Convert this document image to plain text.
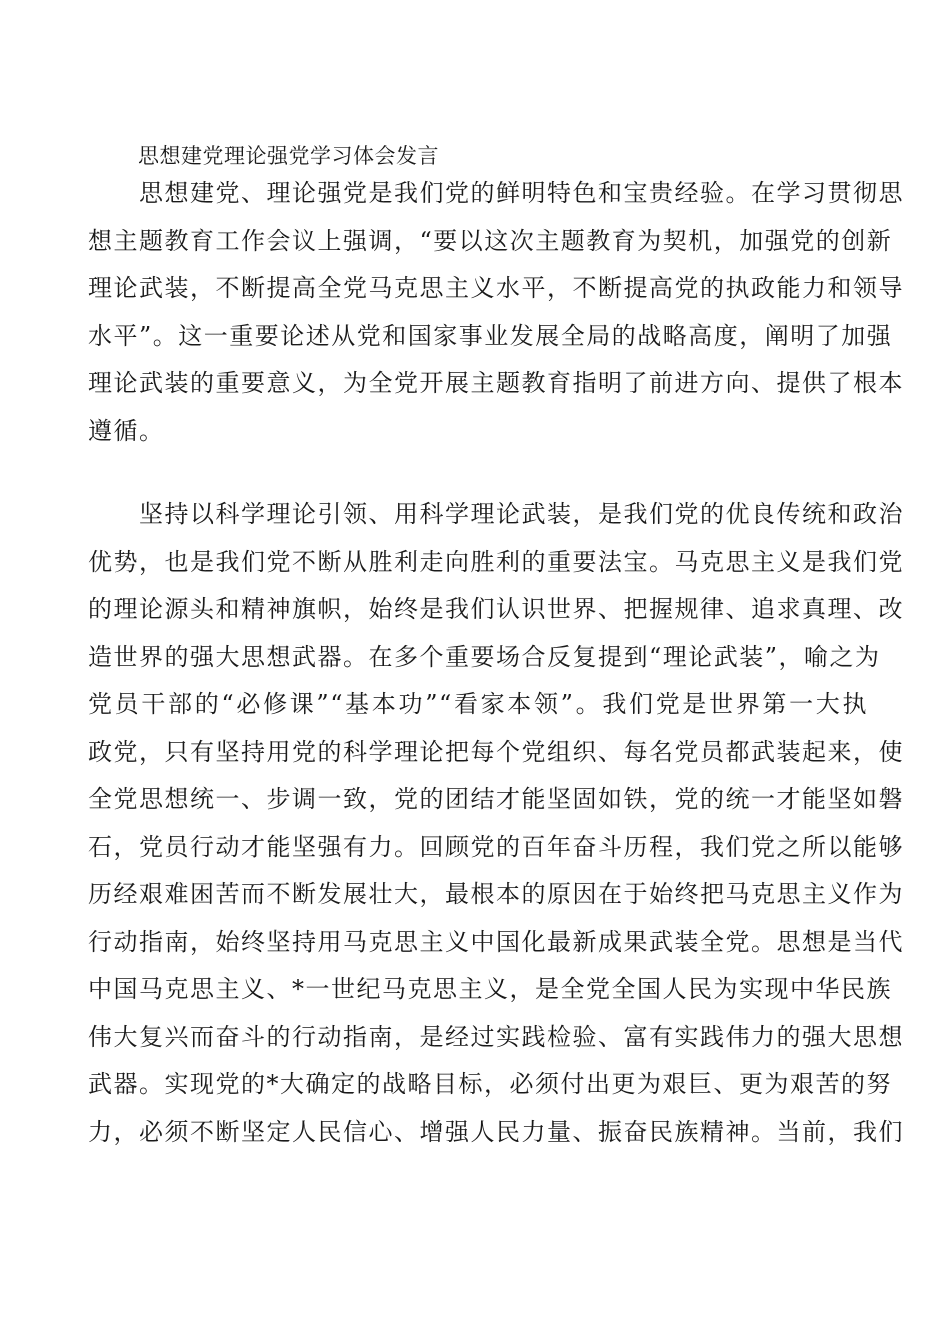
思想建党理论强党学习体会发言
　　思想建党、理论强党是我们党的鲜明特色和宝贵经验。在学习贯彻思
想主题教育工作会议上强调，“要以这次主题教育为契机，加强党的创新
理论武装，不断提高全党马克思主义水平，不断提高党的执政能力和领导
水平”。这一重要论述从党和国家事业发展全局的战略高度，阐明了加强
理论武装的重要意义，为全党开展主题教育指明了前进方向、提供了根本
遵循。
　　坚持以科学理论引领、用科学理论武装，是我们党的优良传统和政治
优势，也是我们党不断从胜利走向胜利的重要法宝。马克思主义是我们党
的理论源头和精神旗帜，始终是我们认识世界、把握规律、追求真理、改
造世界的强大思想武器。在多个重要场合反复提到“理论武装”，喻之为
党员干部的“必修课”“基本功”“看家本领”。我们党是世界第一大执
政党，只有坚持用党的科学理论把每个党组织、每名党员都武装起来，使
全党思想统一、步调一致，党的团结才能坚固如铁，党的统一才能坚如磐
石，党员行动才能坚强有力。回顾党的百年奋斗历程，我们党之所以能够
历经艰难困苦而不断发展壮大，最根本的原因在于始终把马克思主义作为
行动指南，始终坚持用马克思主义中国化最新成果武装全党。思想是当代
中国马克思主义、*一世纪马克思主义，是全党全国人民为实现中华民族
伟大复兴而奋斗的行动指南，是经过实践检验、富有实践伟力的强大思想
武器。实现党的*大确定的战略目标，必须付出更为艰巨、更为艰苦的努
力，必须不断坚定人民信心、增强人民力量、振奋民族精神。当前，我们
